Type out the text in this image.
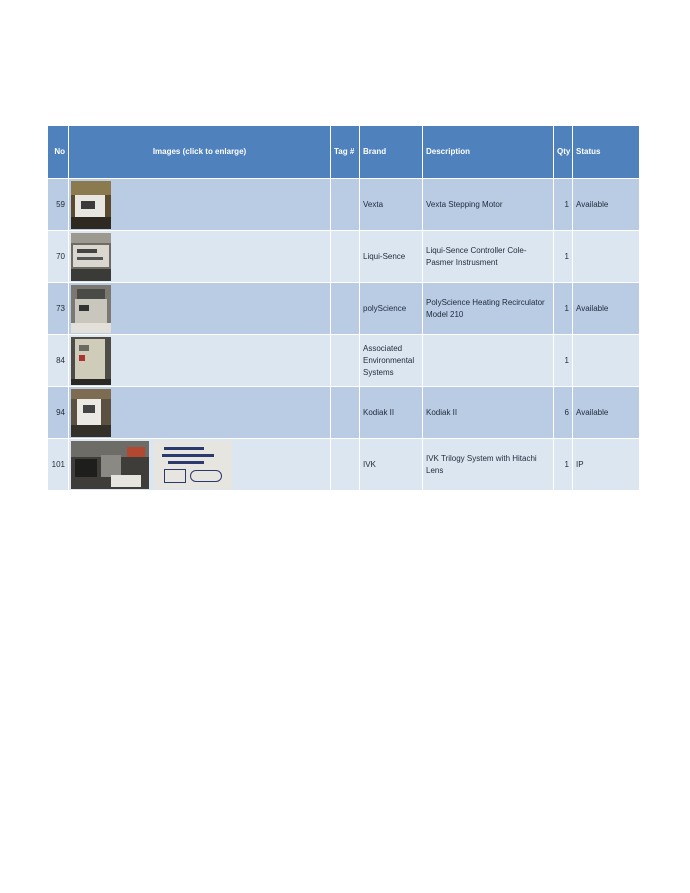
No	Images (click to enlarge)	Tag #	Brand	Description	Qty	Status
59			Vexta	Vexta Stepping Motor	1	Available
70			Liqui-Sence	Liqui-Sence Controller Cole-Pasmer Instrusment	1	
73			polyScience	PolyScience Heating Recirculator Model 210	1	Available
84			Associated Environmental Systems		1	
94			Kodiak II	Kodiak II	6	Available
101			IVK	IVK Trilogy System with Hitachi Lens	1	IP
